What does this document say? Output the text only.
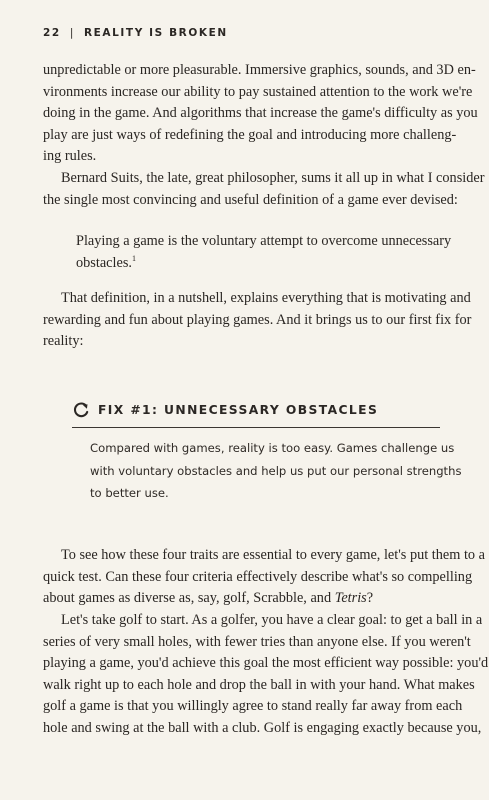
22 | REALITY IS BROKEN

unpredictable or more pleasurable. Immersive graphics, sounds, and 3D en-
vironments increase our ability to pay sustained attention to the work we're
doing in the game. And algorithms that increase the game's difficulty as you
play are just ways of redefining the goal and introducing more challeng-
ing rules.

Bernard Suits, the late, great philosopher, sums it all up in what I consider
the single most convincing and useful definition of a game ever devised:

Playing a game is the voluntary attempt to overcome unnecessary
obstacles.$^1$

That definition, in a nutshell, explains everything that is motivating and
rewarding and fun about playing games. And it brings us to our first fix for
reality:

FIX #1: UNNECESSARY OBSTACLES
Compared with games, reality is too easy. Games challenge us
with voluntary obstacles and help us put our personal strengths
to better use.

To see how these four traits are essential to every game, let's put them to a
quick test. Can these four criteria effectively describe what's so compelling
about games as diverse as, say, golf, Scrabble, and Tetris?

Let's take golf to start. As a golfer, you have a clear goal: to get a ball in a
series of very small holes, with fewer tries than anyone else. If you weren't
playing a game, you'd achieve this goal the most efficient way possible: you'd
walk right up to each hole and drop the ball in with your hand. What makes
golf a game is that you willingly agree to stand really far away from each
hole and swing at the ball with a club. Golf is engaging exactly because you,
